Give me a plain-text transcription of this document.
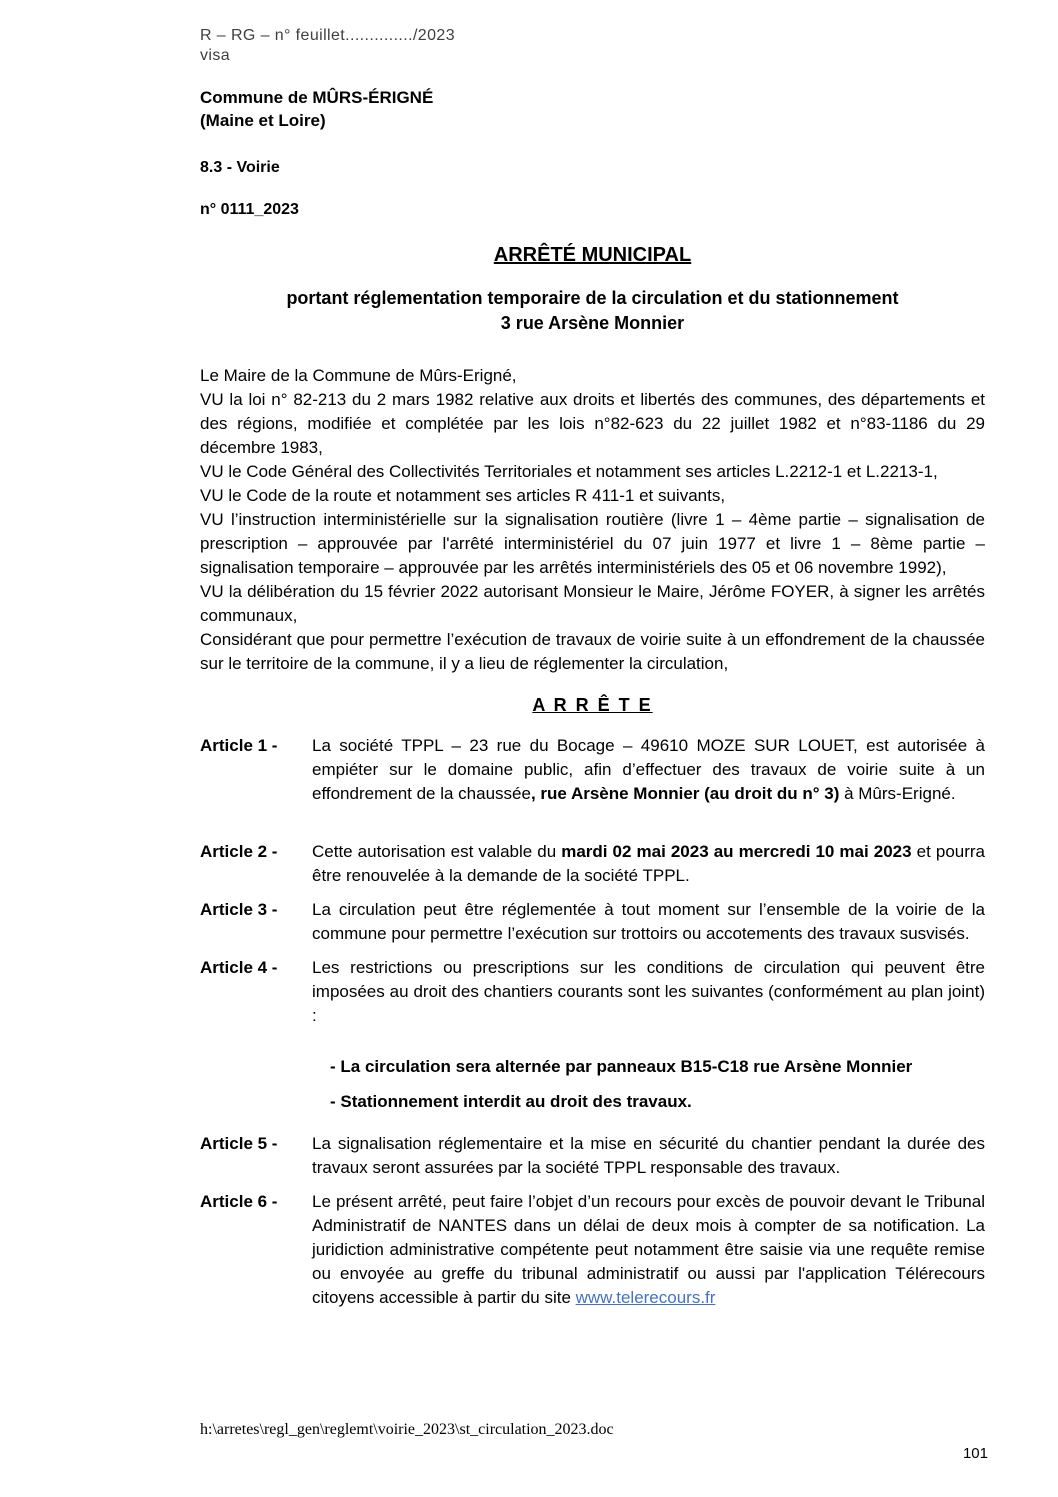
R – RG – n° feuillet............../2023
visa
Commune de MÛRS-ÉRIGNÉ
(Maine et Loire)
8.3 - Voirie
n° 0111_2023
ARRÊTÉ MUNICIPAL
portant réglementation temporaire de la circulation et du stationnement
3 rue Arsène Monnier

Le Maire de la Commune de Mûrs-Erigné,

VU la loi n° 82-213 du 2 mars 1982 relative aux droits et libertés des communes, des départements et des régions, modifiée et complétée par les lois n°82-623 du 22 juillet 1982 et n°83-1186 du 29 décembre 1983,

VU le Code Général des Collectivités Territoriales et notamment ses articles L.2212-1 et L.2213-1,

VU le Code de la route et notamment ses articles R 411-1 et suivants,

VU l’instruction interministérielle sur la signalisation routière (livre 1 – 4ème partie – signalisation de prescription – approuvée par l'arrêté interministériel du 07 juin 1977 et livre 1 – 8ème partie – signalisation temporaire – approuvée par les arrêtés interministériels des 05 et 06 novembre 1992),

VU la délibération du 15 février 2022 autorisant Monsieur le Maire, Jérôme FOYER, à signer les arrêtés communaux,

Considérant que pour permettre l’exécution de travaux de voirie suite à un effondrement de la chaussée sur le territoire de la commune, il y a lieu de réglementer la circulation,

A R R Ê T E
Article 1 -	La société TPPL – 23 rue du Bocage – 49610 MOZE SUR LOUET, est autorisée à empiéter sur le domaine public, afin d’effectuer des travaux de voirie suite à un effondrement de la chaussée, rue Arsène Monnier (au droit du n° 3) à Mûrs-Erigné.
Article 2 -	Cette autorisation est valable du mardi 02 mai 2023 au mercredi 10 mai 2023 et pourra être renouvelée à la demande de la société TPPL.
Article 3 -	La circulation peut être réglementée à tout moment sur l’ensemble de la voirie de la commune pour permettre l’exécution sur trottoirs ou accotements des travaux susvisés.
Article 4 -	Les restrictions ou prescriptions sur les conditions de circulation qui peuvent être imposées au droit des chantiers courants sont les suivantes (conformément au plan joint) :

- La circulation sera alternée par panneaux B15-C18 rue Arsène Monnier

- Stationnement interdit au droit des travaux.

Article 5 -	La signalisation réglementaire et la mise en sécurité du chantier pendant la durée des travaux seront assurées par la société TPPL responsable des travaux.
Article 6 -	Le présent arrêté, peut faire l’objet d’un recours pour excès de pouvoir devant le Tribunal Administratif de NANTES dans un délai de deux mois à compter de sa notification. La juridiction administrative compétente peut notamment être saisie via une requête remise ou envoyée au greffe du tribunal administratif ou aussi par l'application Télérecours citoyens accessible à partir du site www.telerecours.fr
h:\arretes\regl_gen\reglemt\voirie_2023\st_circulation_2023.doc
101
